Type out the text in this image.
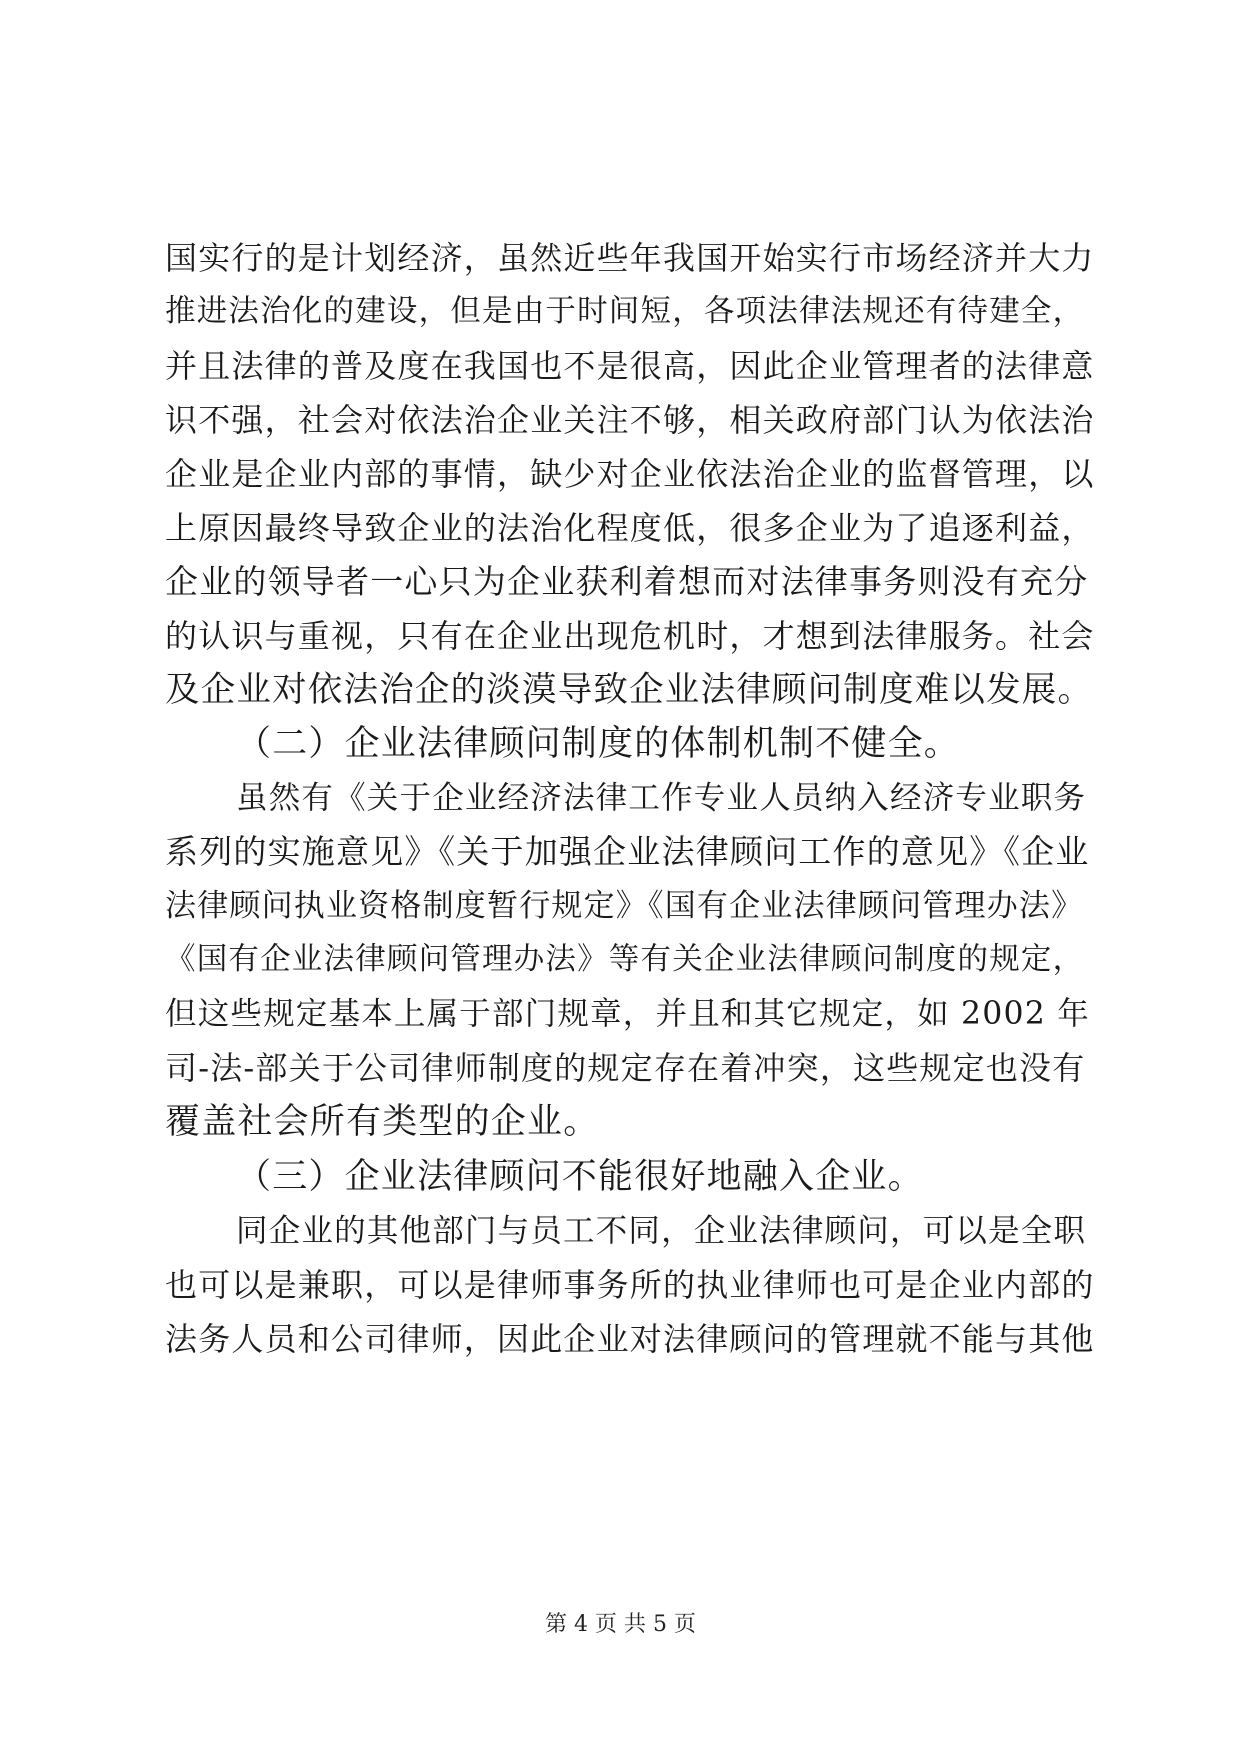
国实行的是计划经济，虽然近些年我国开始实行市场经济并大力
推进法治化的建设，但是由于时间短，各项法律法规还有待建全，
并且法律的普及度在我国也不是很高，因此企业管理者的法律意
识不强，社会对依法治企业关注不够，相关政府部门认为依法治
企业是企业内部的事情，缺少对企业依法治企业的监督管理，以
上原因最终导致企业的法治化程度低，很多企业为了追逐利益，
企业的领导者一心只为企业获利着想而对法律事务则没有充分
的认识与重视，只有在企业出现危机时，才想到法律服务。社会
及企业对依法治企的淡漠导致企业法律顾问制度难以发展。
（二）企业法律顾问制度的体制机制不健全。
虽然有《关于企业经济法律工作专业人员纳入经济专业职务
系列的实施意见》《关于加强企业法律顾问工作的意见》《企业
法律顾问执业资格制度暂行规定》《国有企业法律顾问管理办法》
《国有企业法律顾问管理办法》等有关企业法律顾问制度的规定，
但这些规定基本上属于部门规章，并且和其它规定，如 2002 年
司-法-部关于公司律师制度的规定存在着冲突，这些规定也没有
覆盖社会所有类型的企业。
（三）企业法律顾问不能很好地融入企业。
同企业的其他部门与员工不同，企业法律顾问，可以是全职
也可以是兼职，可以是律师事务所的执业律师也可是企业内部的
法务人员和公司律师，因此企业对法律顾问的管理就不能与其他
第 4 页 共 5 页
